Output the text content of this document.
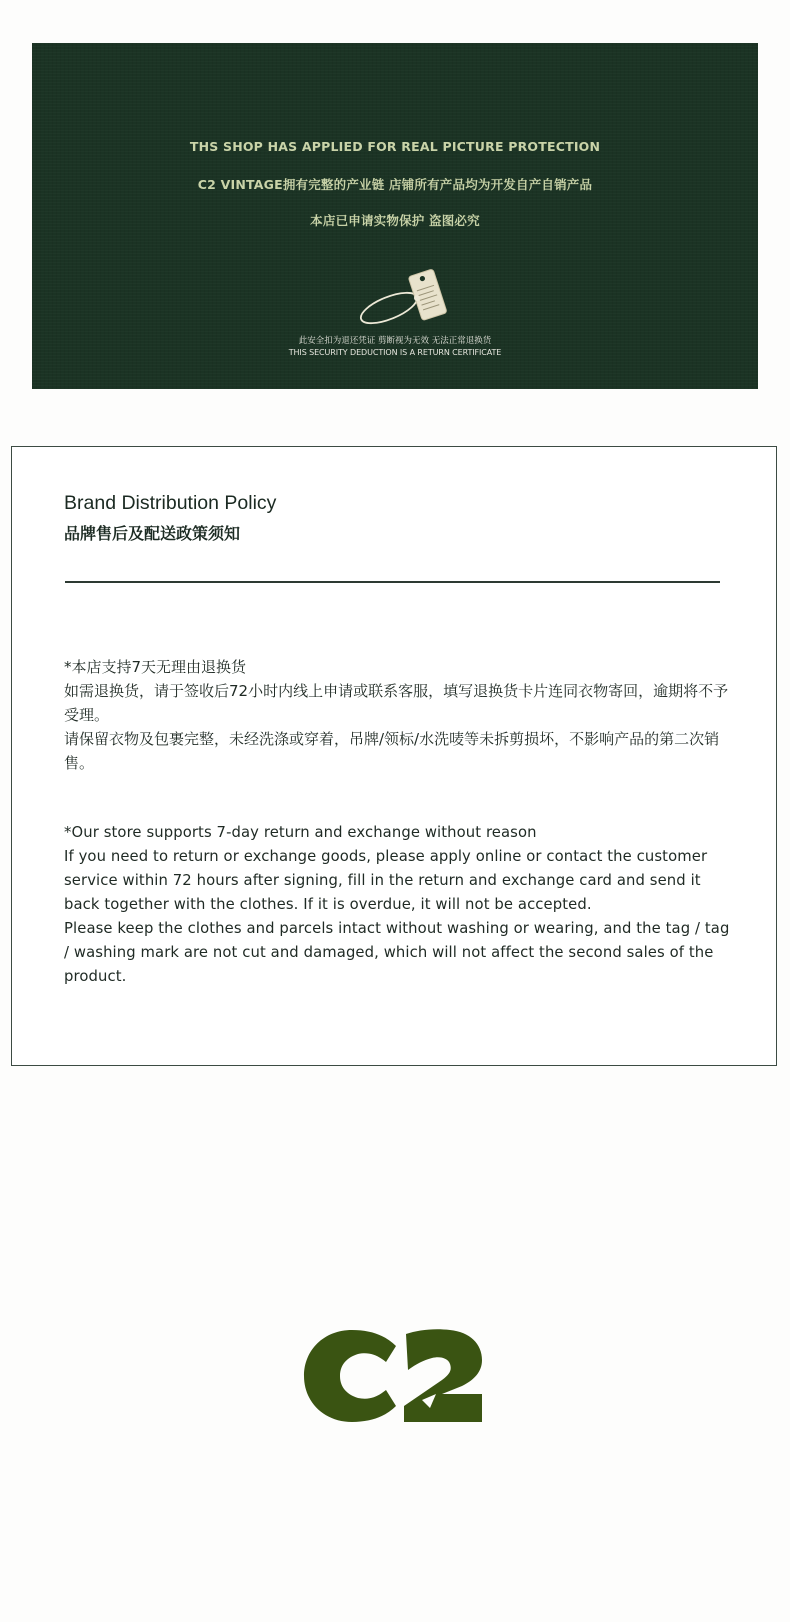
THS SHOP HAS APPLIED FOR REAL PICTURE PROTECTION
C2 VINTAGE拥有完整的产业链 店铺所有产品均为开发自产自销产品
本店已申请实物保护 盗图必究
此安全扣为退还凭证 剪断视为无效 无法正常退换货
THIS SECURITY DEDUCTION IS A RETURN CERTIFICATE
Brand Distribution Policy
品牌售后及配送政策须知

*本店支持7天无理由退换货

如需退换货，请于签收后72小时内线上申请或联系客服，填写退换货卡片连同衣物寄回，逾期将不予受理。

请保留衣物及包裹完整，未经洗涤或穿着，吊牌/领标/水洗唛等未拆剪损坏，不影响产品的第二次销售。

*Our store supports 7-day return and exchange without reason

If you need to return or exchange goods, please apply online or contact the customer service within 72 hours after signing, fill in the return and exchange card and send it back together with the clothes. If it is overdue, it will not be accepted.

Please keep the clothes and parcels intact without washing or wearing, and the tag / tag / washing mark are not cut and damaged, which will not affect the second sales of the product.
